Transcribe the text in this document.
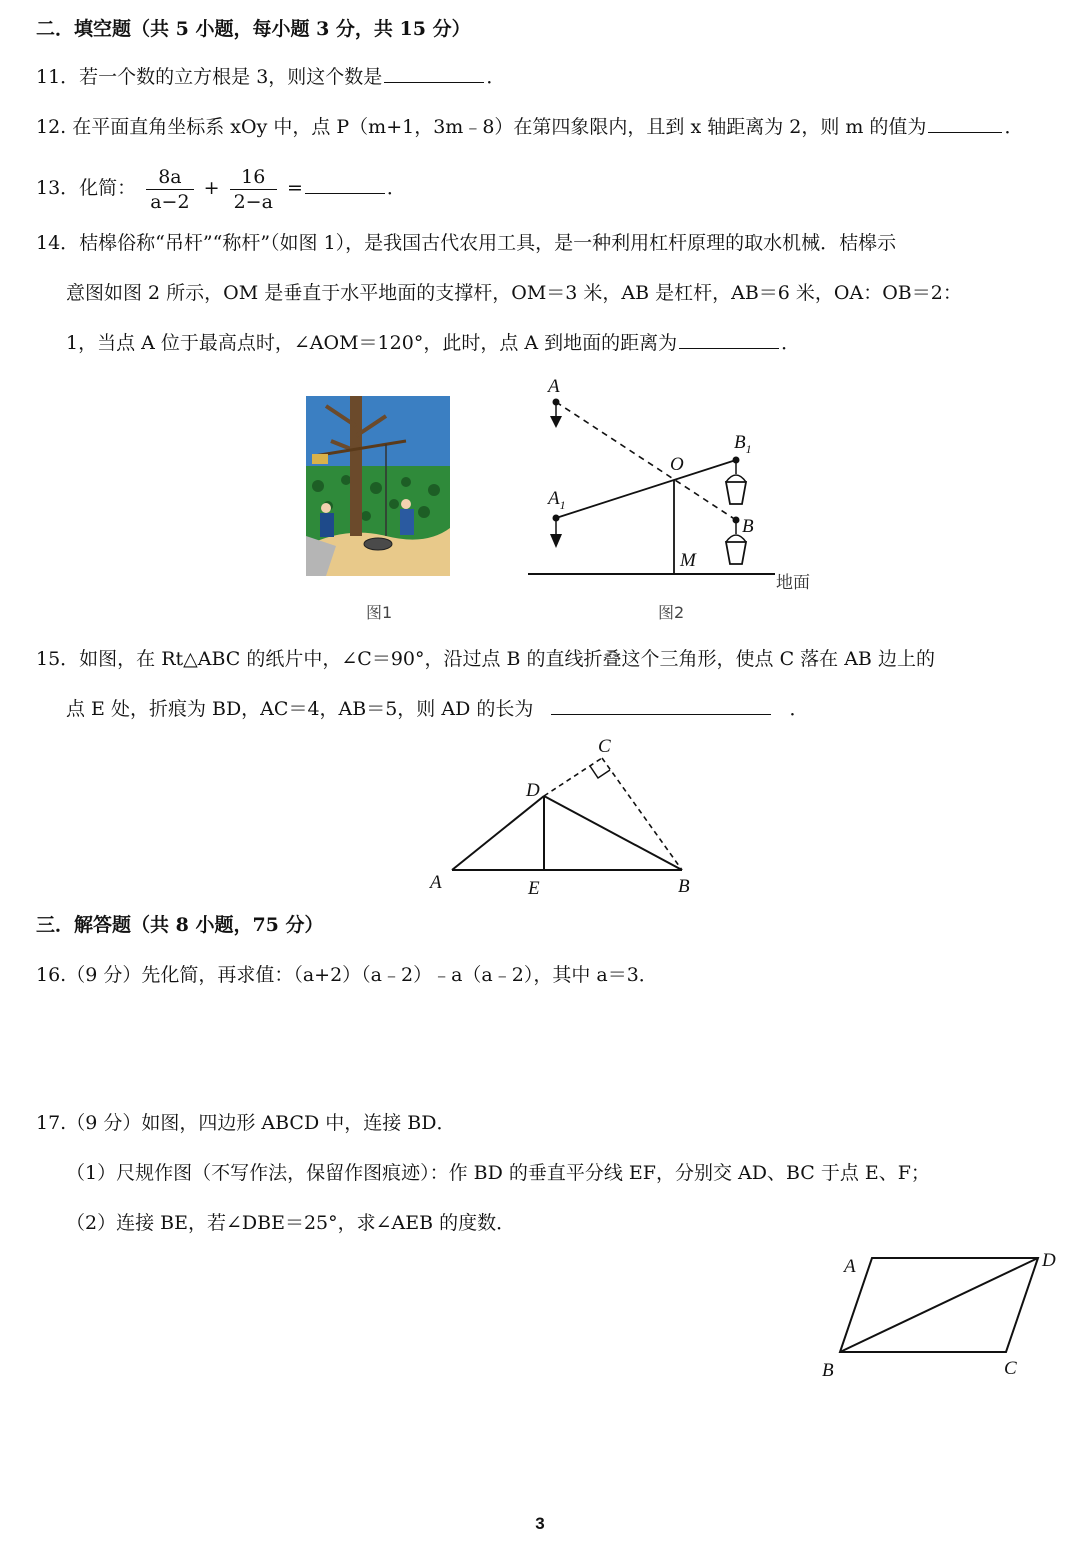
二．填空题（共 5 小题，每小题 3 分，共 15 分）
11．若一个数的立方根是 3，则这个数是	．
12. 在平面直角坐标系 xOy 中，点 P（m+1，3m﹣8）在第四象限内，且到 x 轴距离为 2，则 m 的值为	．
13．化简： $\frac{8a}{a-2} + \frac{16}{2-a}$ =	．
14．桔槔俗称“吊杆”“称杆”（如图 1），是我国古代农用工具，是一种利用杠杆原理的取水机械．桔槔示
意图如图 2 所示，OM 是垂直于水平地面的支撑杆，OM＝3 米，AB 是杠杆，AB＝6 米，OA：OB＝2：
1，当点 A 位于最高点时，∠AOM＝120°，此时，点 A 到地面的距离为	．
图1
A
$A_1$
O
$B_1$
B
M
地面
图2
15．如图，在 Rt△ABC 的纸片中，∠C＝90°，沿过点 B 的直线折叠这个三角形，使点 C 落在 AB 边上的
点 E 处，折痕为 BD，AC＝4，AB＝5，则 AD 的长为	．
A	B
C
D
E
三．解答题（共 8 小题，75 分）
16.（9 分）先化简，再求值：（a+2）（a﹣2）﹣a（a﹣2），其中 a＝3．
17.（9 分）如图，四边形 ABCD 中，连接 BD．
（1）尺规作图（不写作法，保留作图痕迹）：作 BD 的垂直平分线 EF，分别交 AD、BC 于点 E、F；
（2）连接 BE，若∠DBE＝25°，求∠AEB 的度数．
A	D
B	C
3
